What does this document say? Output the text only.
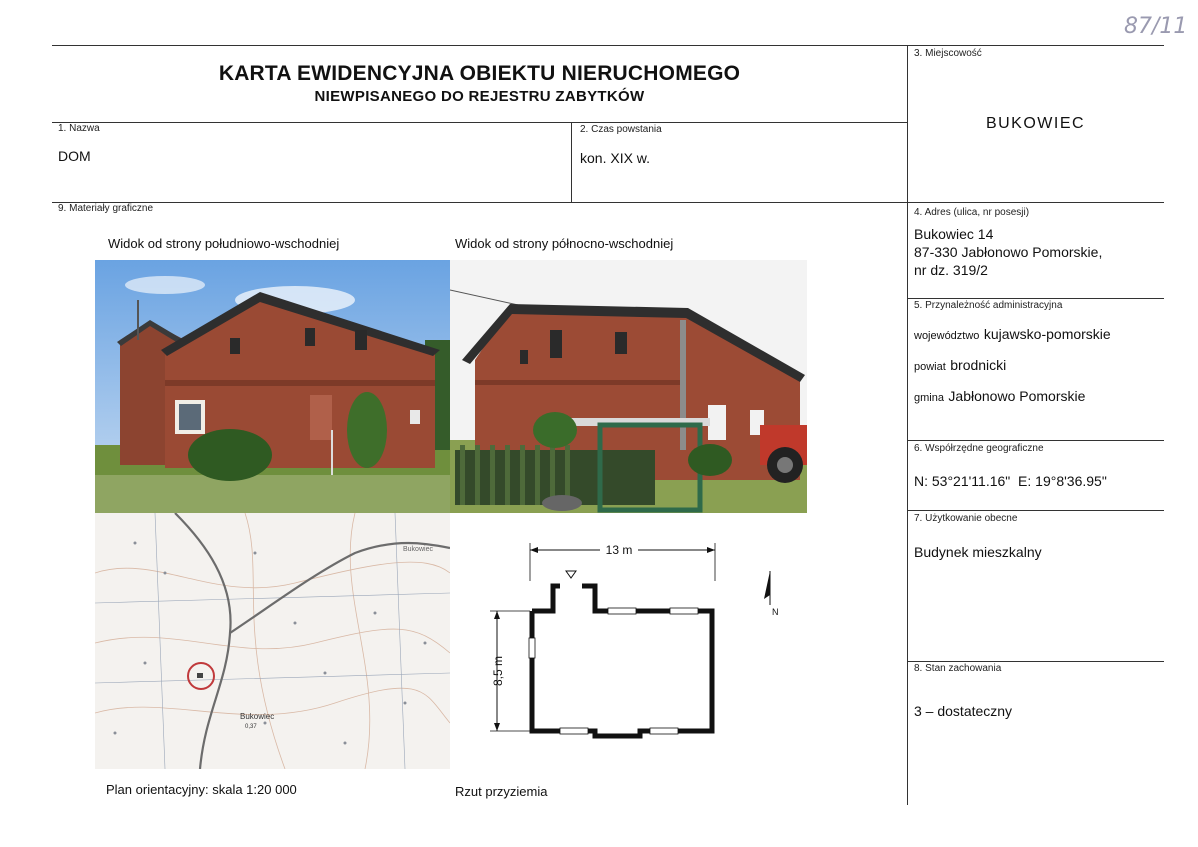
87/11
KARTA EWIDENCYJNA OBIEKTU NIERUCHOMEGO
NIEWPISANEGO DO REJESTRU ZABYTKÓW
1. Nazwa
DOM
2. Czas powstania
kon. XIX w.
3. Miejscowość
BUKOWIEC
4. Adres (ulica, nr posesji)
Bukowiec 14
87-330 Jabłonowo Pomorskie,
nr dz. 319/2
5. Przynależność administracyjna
województwo kujawsko-pomorskie
powiat brodnicki
gmina Jabłonowo Pomorskie
6. Współrzędne geograficzne
N: 53°21'11.16"  E: 19°8'36.95"
7. Użytkowanie obecne
Budynek mieszkalny
8. Stan zachowania
3 – dostateczny
9. Materiały graficzne
Widok od strony południowo-wschodniej	Widok od strony północno-wschodniej
Bukowiec
0,37
Bukowiec	13 m
8,5 m
N
Plan orientacyjny: skala 1:20 000	Rzut przyziemia
